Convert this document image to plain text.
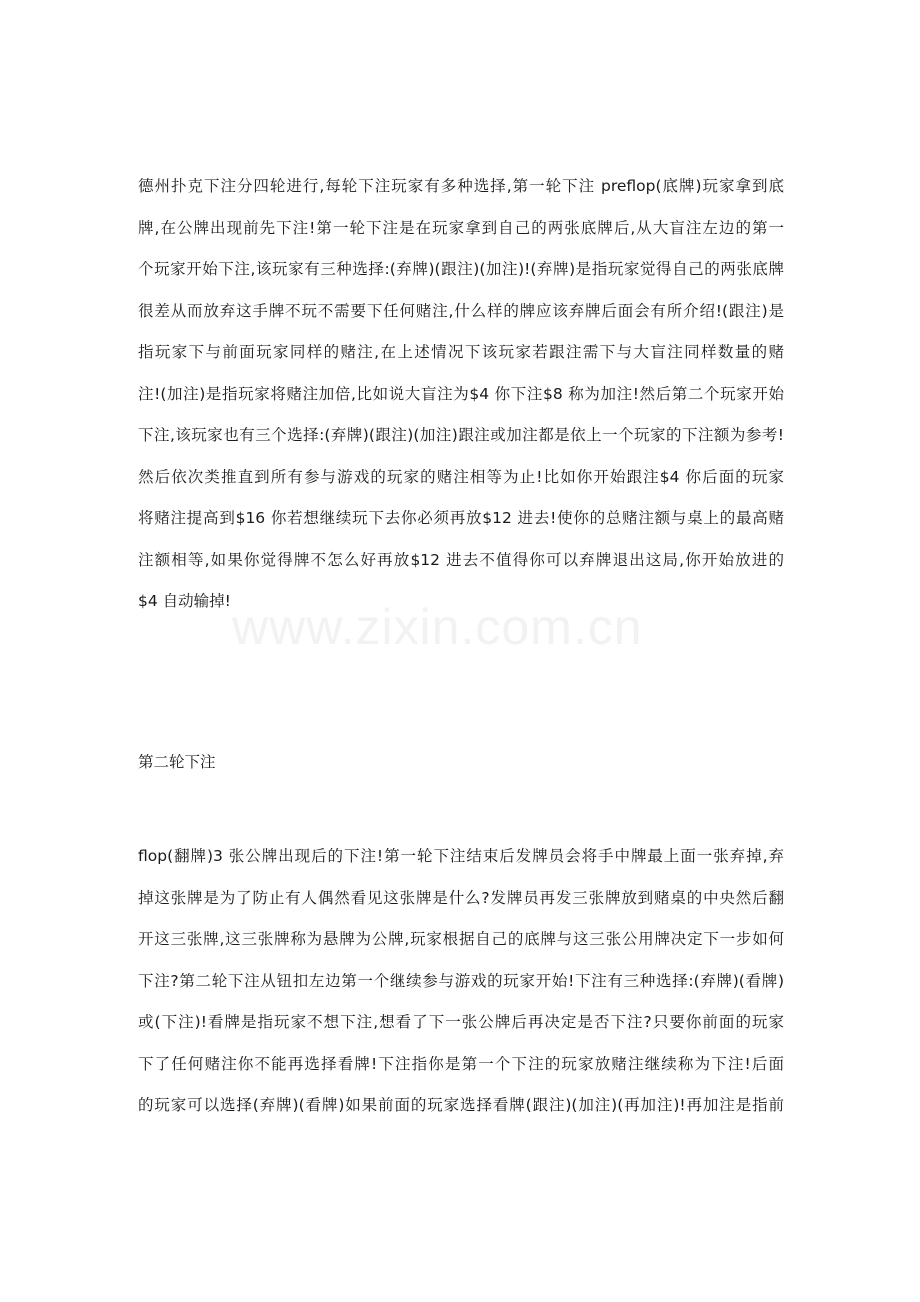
www.zixin.com.cn
德州扑克下注分四轮进行,每轮下注玩家有多种选择,第一轮下注 preflop(底牌)玩家拿到底
牌,在公牌出现前先下注!第一轮下注是在玩家拿到自己的两张底牌后,从大盲注左边的第一
个玩家开始下注,该玩家有三种选择:(弃牌)(跟注)(加注)!(弃牌)是指玩家觉得自己的两张底牌
很差从而放弃这手牌不玩不需要下任何赌注,什么样的牌应该弃牌后面会有所介绍!(跟注)是
指玩家下与前面玩家同样的赌注,在上述情况下该玩家若跟注需下与大盲注同样数量的赌
注!(加注)是指玩家将赌注加倍,比如说大盲注为$4 你下注$8 称为加注!然后第二个玩家开始
下注,该玩家也有三个选择:(弃牌)(跟注)(加注)跟注或加注都是依上一个玩家的下注额为参考!
然后依次类推直到所有参与游戏的玩家的赌注相等为止!比如你开始跟注$4 你后面的玩家
将赌注提高到$16 你若想继续玩下去你必须再放$12 进去!使你的总赌注额与桌上的最高赌
注额相等,如果你觉得牌不怎么好再放$12 进去不值得你可以弃牌退出这局,你开始放进的
$4 自动输掉!
第二轮下注
flop(翻牌)3 张公牌出现后的下注!第一轮下注结束后发牌员会将手中牌最上面一张弃掉,弃
掉这张牌是为了防止有人偶然看见这张牌是什么?发牌员再发三张牌放到赌桌的中央然后翻
开这三张牌,这三张牌称为悬牌为公牌,玩家根据自己的底牌与这三张公用牌决定下一步如何
下注?第二轮下注从钮扣左边第一个继续参与游戏的玩家开始!下注有三种选择:(弃牌)(看牌)
或(下注)!看牌是指玩家不想下注,想看了下一张公牌后再决定是否下注?只要你前面的玩家
下了任何赌注你不能再选择看牌!下注指你是第一个下注的玩家放赌注继续称为下注!后面
的玩家可以选择(弃牌)(看牌)如果前面的玩家选择看牌(跟注)(加注)(再加注)!再加注是指前
